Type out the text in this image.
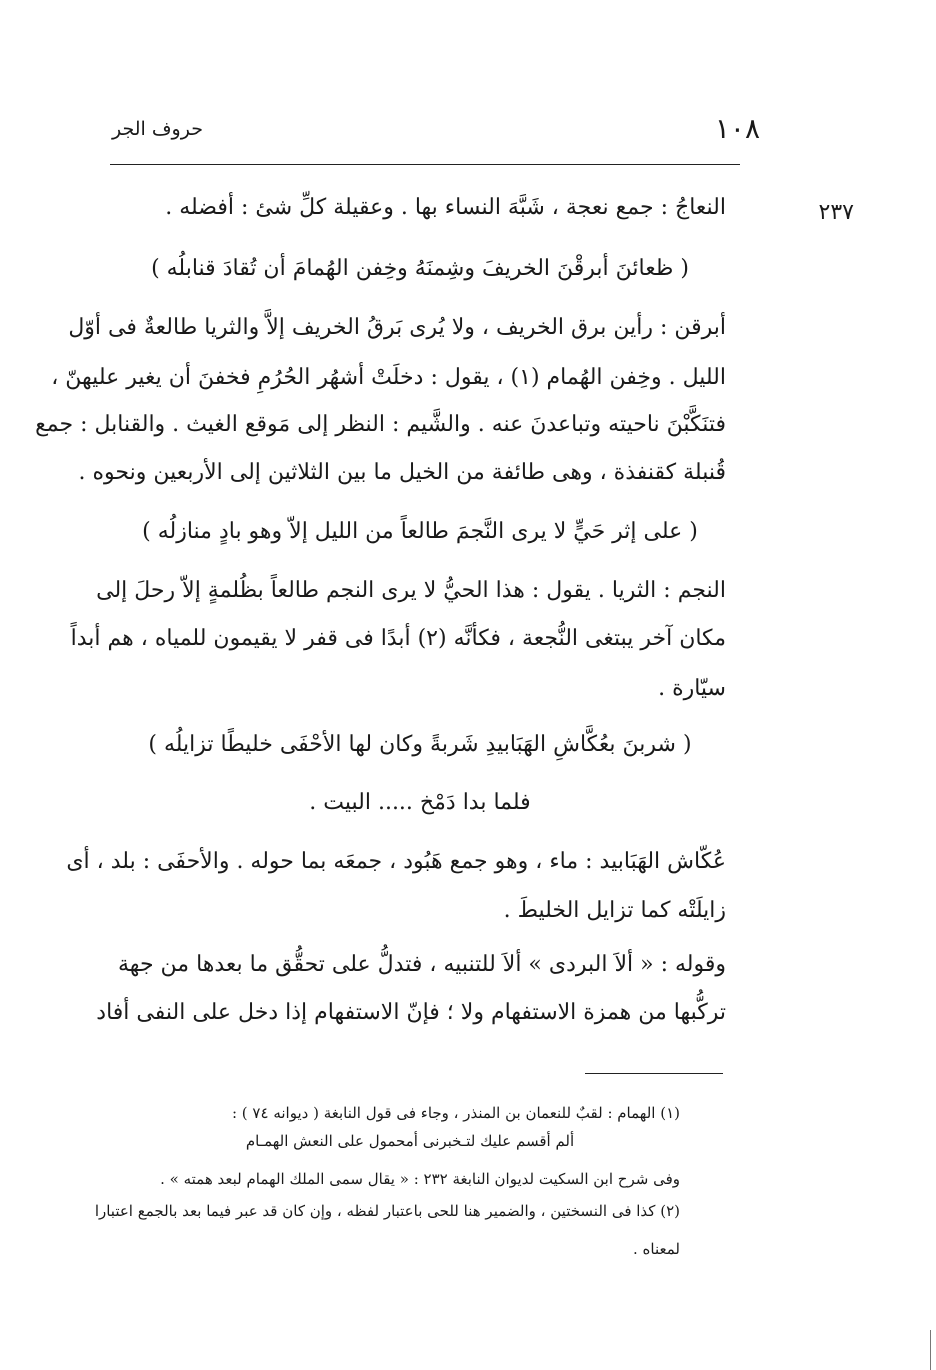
١٠٨
حروف الجر
٢٣٧
النعاجُ : جمع نعجة ، شَبَّهَ النساء بها . وعقيلة كلِّ شئ : أفضله .
( ظعائنَ أبرقْنَ الخريفَ وشِمنَهُ وخِفن الهُمامَ أن تُقادَ قنابلُه )
أبرقن : رأين برق الخريف ، ولا يُرى بَرقُ الخريف إلاَّ والثريا طالعةٌ فى أوّل
الليل . وخِفن الهُمام (١) ، يقول : دخلَتْ أشهُر الحُرُمِ فخفنَ أن يغير عليهنّ ،
فتنَكَّبْنَ ناحيته وتباعدنَ عنه . والشَّيم : النظر إلى مَوقع الغيث . والقنابل : جمع
قُنبلة كقنفذة ، وهى طائفة من الخيل ما بين الثلاثين إلى الأربعين ونحوه .
( على إثر حَيٍّ لا يرى النَّجمَ طالعاً من الليل إلاّ وهو بادٍ منازلُه )
النجم : الثريا . يقول : هذا الحيُّ لا يرى النجم طالعاً بظُلمةٍ إلاّ رحلَ إلى
مكان آخر يبتغى النُّجعة ، فكأنَّه (٢) أبدًا فى قفر لا يقيمون للمياه ، هم أبداً
سيّارة .
( شربنَ بعُكَّاشِ الهَبَابيدِ شَربةً وكان لها الأحْفَى خليطًا تزايلُه )
فلما بدا دَمْخ ..... البيت .
عُكّاش الهَبَابيد : ماء ، وهو جمع هَبُود ، جمعَه بما حوله . والأحفَى : بلد ، أى
زايلَتْه كما تزايل الخليطَ .
وقوله : « ألاَ البردى » ألاَ للتنبيه ، فتدلُّ على تحقُّق ما بعدها من جهة
تركُّبها من همزة الاستفهام ولا ؛ فإنّ الاستفهام إذا دخل على النفى أفاد
(١) الهمام : لقبٌ للنعمان بن المنذر ، وجاء فى قول النابغة ( ديوانه ٧٤ ) :
ألم أقسم عليك لتـخبرنى أمحمول على النعش الهمـام
وفى شرح ابن السكيت لديوان النابغة ٢٣٢ : « يقال سمى الملك الهمام لبعد همته » .
(٢) كذا فى النسختين ، والضمير هنا للحى باعتبار لفظه ، وإن كان قد عبر فيما بعد بالجمع اعتبارا
لمعناه .
